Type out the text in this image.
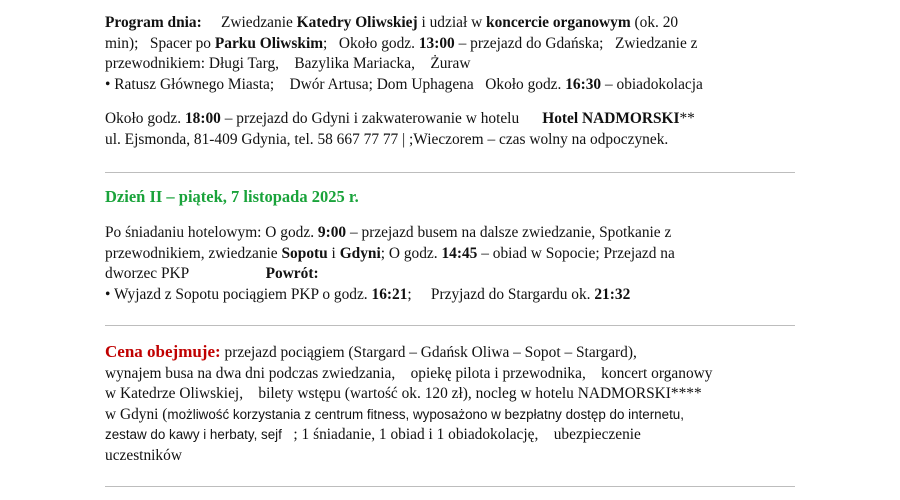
Program dnia: Zwiedzanie Katedry Oliwskiej i udział w koncercie organowym (ok. 20
min);   Spacer po Parku Oliwskim;   Około godz. 13:00 – przejazd do Gdańska;   Zwiedzanie z
przewodnikiem: Długi Targ,    Bazylika Mariacka,    Żuraw
• Ratusz Głównego Miasta;    Dwór Artusa; Dom Uphagena   Około godz. 16:30 – obiadokolacja
Około godz. 18:00 – przejazd do Gdyni i zakwaterowanie w hotelu      Hotel NADMORSKI**
ul. Ejsmonda, 81-409 Gdynia, tel. 58 667 77 77 | ;Wieczorem – czas wolny na odpoczynek.
Dzień II – piątek, 7 listopada 2025 r.
Po śniadaniu hotelowym: O godz. 9:00 – przejazd busem na dalsze zwiedzanie, Spotkanie z
przewodnikiem, zwiedzanie Sopotu i Gdyni; O godz. 14:45 – obiad w Sopocie; Przejazd na
dworzec PKP                    Powrót:
• Wyjazd z Sopotu pociągiem PKP o godz. 16:21;     Przyjazd do Stargardu ok. 21:32
Cena obejmuje: przejazd pociągiem (Stargard – Gdańsk Oliwa – Sopot – Stargard),
wynajem busa na dwa dni podczas zwiedzania,    opiekę pilota i przewodnika,    koncert organowy
w Katedrze Oliwskiej,    bilety wstępu (wartość ok. 120 zł), nocleg w hotelu NADMORSKI****
w Gdyni (możliwość korzystania z centrum fitness, wyposażono w bezpłatny dostęp do internetu,
zestaw do kawy i herbaty, sejf   ; 1 śniadanie, 1 obiad i 1 obiadokolację,    ubezpieczenie
uczestników
